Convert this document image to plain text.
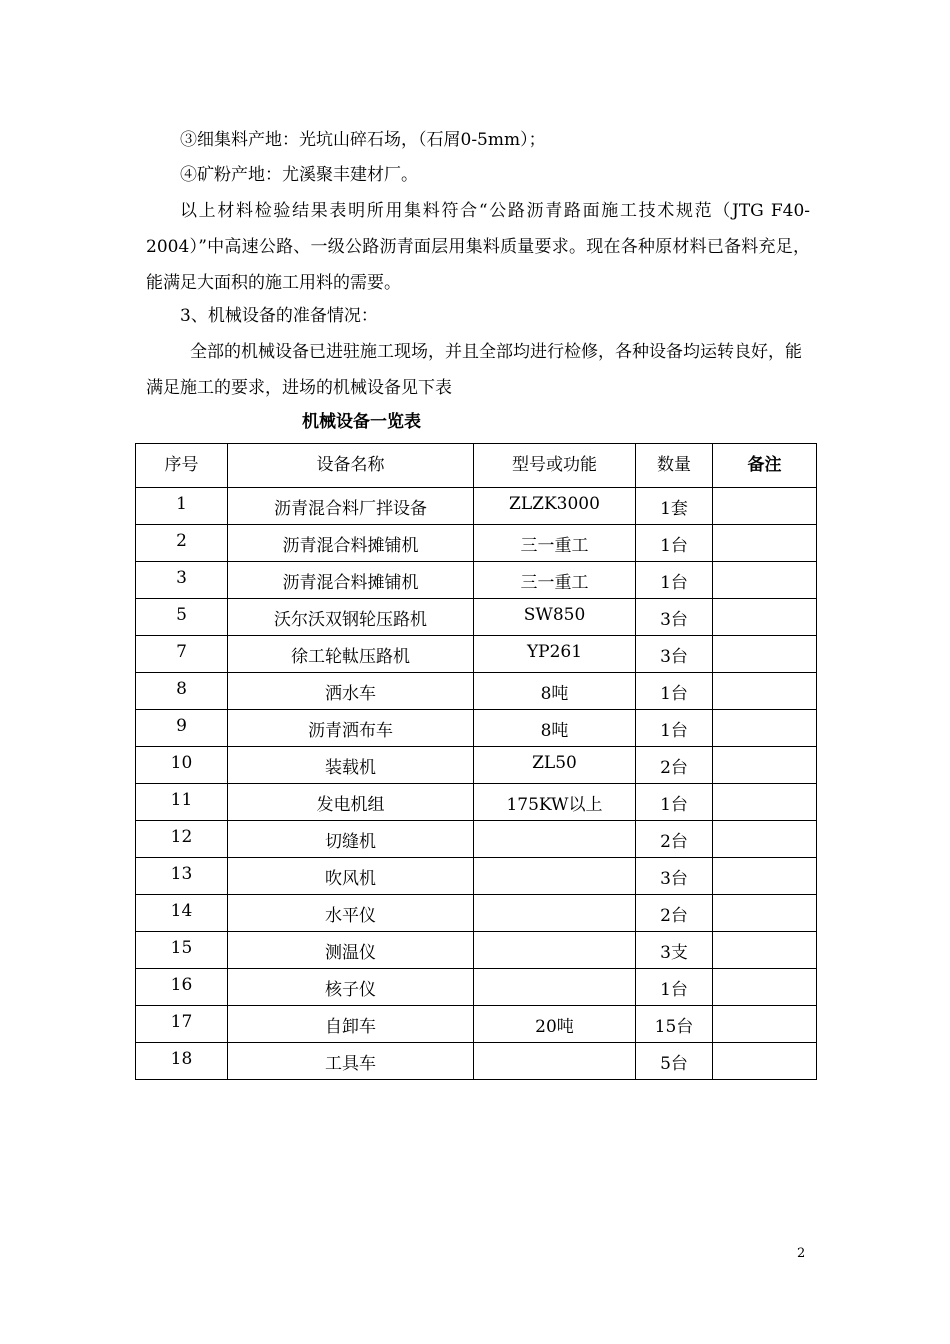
③细集料产地：光坑山碎石场，（石屑0-5mm）；

④矿粉产地：尤溪聚丰建材厂。

以上材料检验结果表明所用集料符合“公路沥青路面施工技术规范（JTG F40-2004）”中高速公路、一级公路沥青面层用集料质量要求。现在各种原材料已备料充足，能满足大面积的施工用料的需要。

3、机械设备的准备情况：

全部的机械设备已进驻施工现场，并且全部均进行检修，各种设备均运转良好，能满足施工的要求，进场的机械设备见下表

机械设备一览表

序号	设备名称	型号或功能	数量	备注
1	沥青混合料厂拌设备	ZLZK3000	1套	
2	沥青混合料摊铺机	三一重工	1台	
3	沥青混合料摊铺机	三一重工	1台	
5	沃尔沃双钢轮压路机	SW850	3台	
7	徐工轮軚压路机	YP261	3台	
8	洒水车	8吨	1台	
9	沥青洒布车	8吨	1台	
10	装载机	ZL50	2台	
11	发电机组	175KW以上	1台	
12	切缝机		2台	
13	吹风机		3台	
14	水平仪		2台	
15	测温仪		3支	
16	核子仪		1台	
17	自卸车	20吨	15台	
18	工具车		5台	
2
